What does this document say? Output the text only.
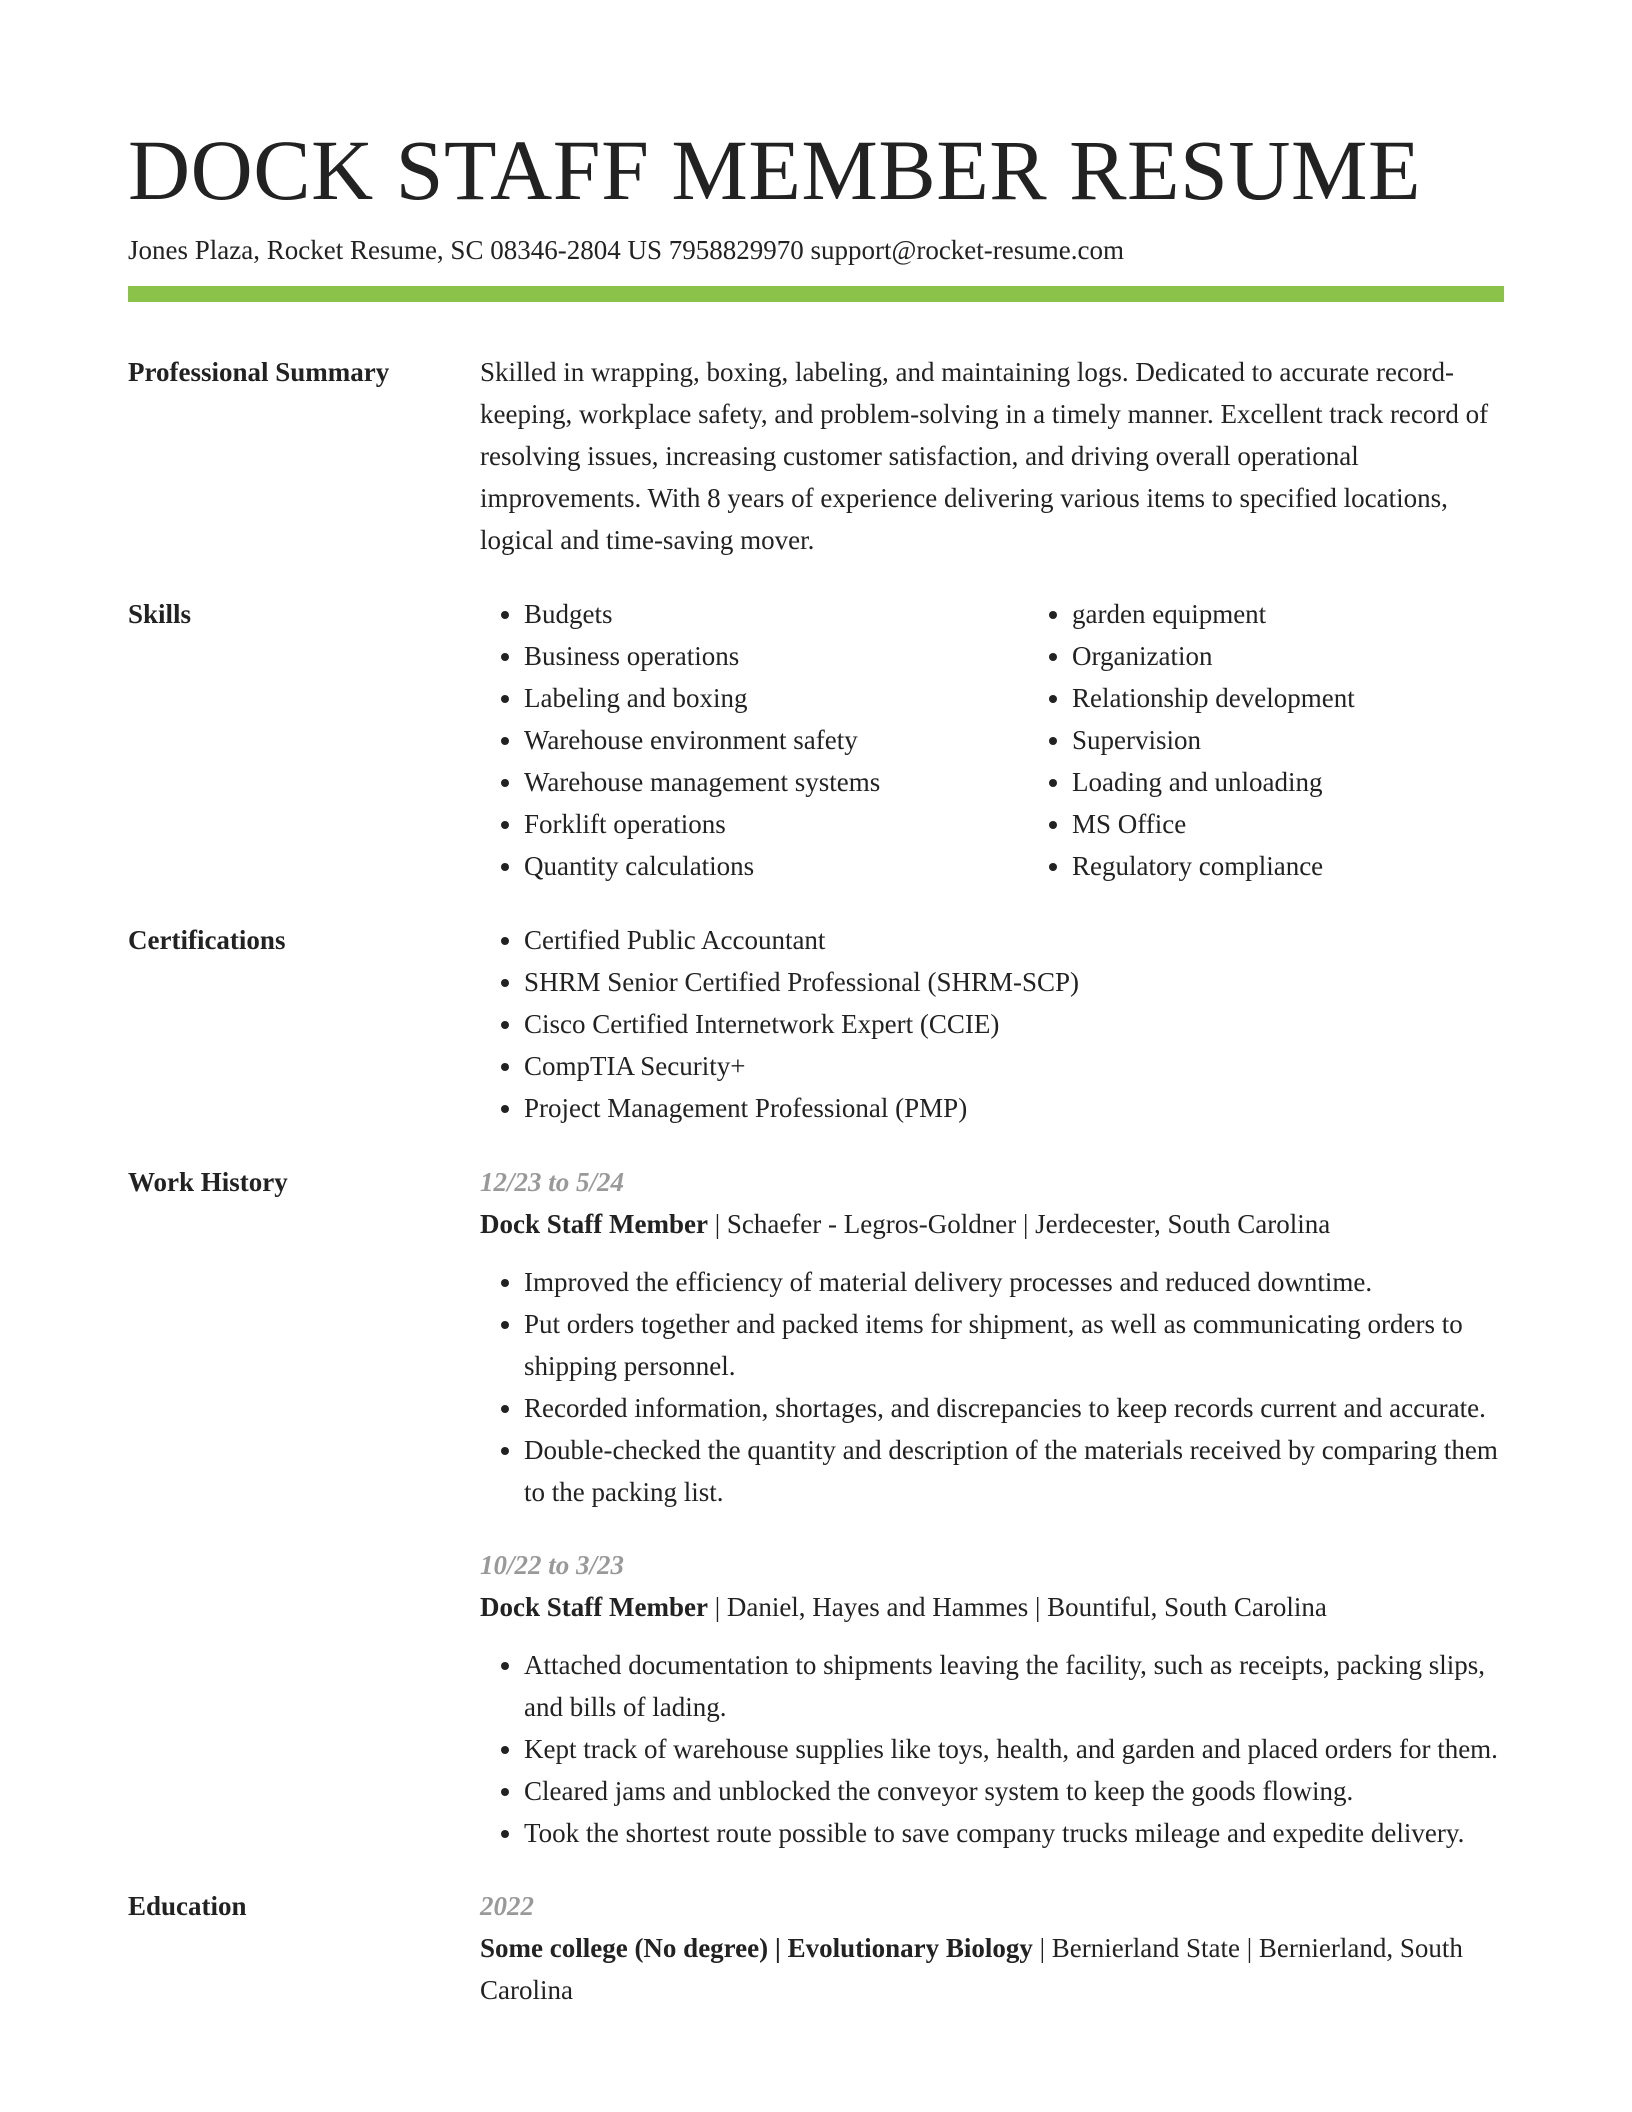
DOCK STAFF MEMBER RESUME
Jones Plaza, Rocket Resume, SC 08346-2804 US 7958829970 support@rocket-resume.com
Professional Summary	Skilled in wrapping, boxing, labeling, and maintaining logs. Dedicated to accurate record-keeping, workplace safety, and problem-solving in a timely manner. Excellent track record of resolving issues, increasing customer satisfaction, and driving overall operational improvements. With 8 years of experience delivering various items to specified locations, logical and time-saving mover.
Skills	• Budgets
• Business operations
• Labeling and boxing
• Warehouse environment safety
• Warehouse management systems
• Forklift operations
• Quantity calculations
• garden equipment
• Organization
• Relationship development
• Supervision
• Loading and unloading
• MS Office
• Regulatory compliance
Certifications	• Certified Public Accountant
• SHRM Senior Certified Professional (SHRM-SCP)
• Cisco Certified Internetwork Expert (CCIE)
• CompTIA Security+
• Project Management Professional (PMP)
Work History	12/23 to 5/24
Dock Staff Member | Schaefer - Legros-Goldner | Jerdecester, South Carolina
• Improved the efficiency of material delivery processes and reduced downtime.
• Put orders together and packed items for shipment, as well as communicating orders to shipping personnel.
• Recorded information, shortages, and discrepancies to keep records current and accurate.
• Double-checked the quantity and description of the materials received by comparing them to the packing list.
10/22 to 3/23
Dock Staff Member | Daniel, Hayes and Hammes | Bountiful, South Carolina
• Attached documentation to shipments leaving the facility, such as receipts, packing slips, and bills of lading.
• Kept track of warehouse supplies like toys, health, and garden and placed orders for them.
• Cleared jams and unblocked the conveyor system to keep the goods flowing.
• Took the shortest route possible to save company trucks mileage and expedite delivery.
Education	2022
Some college (No degree) | Evolutionary Biology | Bernierland State | Bernierland, South Carolina
